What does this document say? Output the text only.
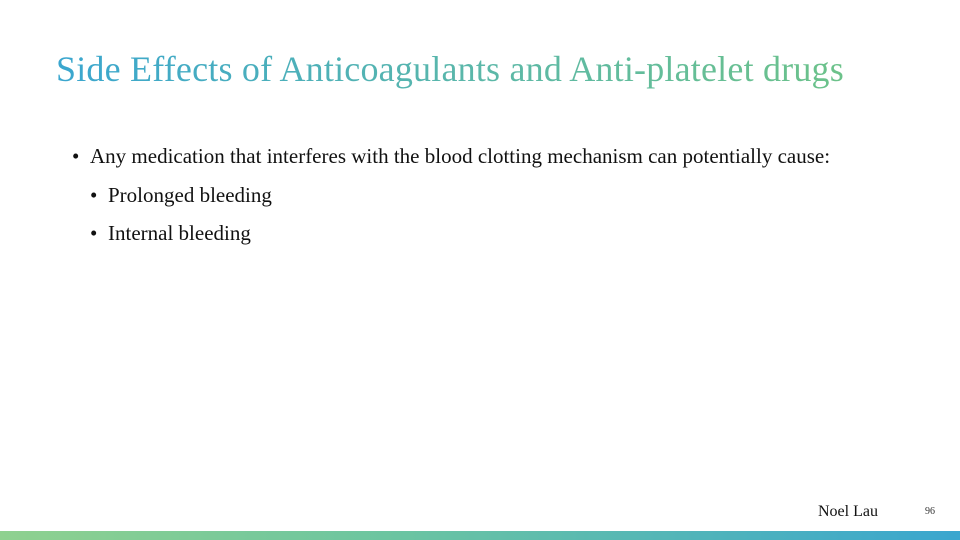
Side Effects of Anticoagulants and Anti-platelet drugs
• Any medication that interferes with the blood clotting mechanism can potentially cause:
• Prolonged bleeding
• Internal bleeding
Noel Lau	96
